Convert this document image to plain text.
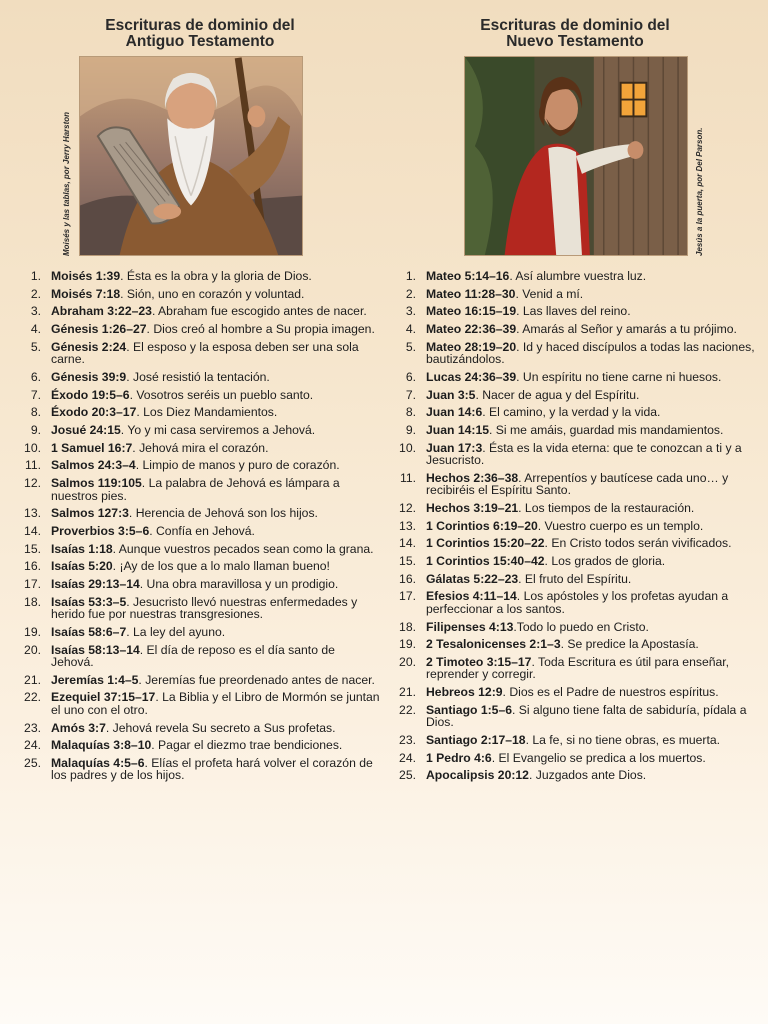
Escrituras de dominio del
Antiguo Testamento
Moisés y las tablas, por Jerry Harston
1. Moisés 1:39. Ésta es la obra y la gloria de Dios.
2. Moisés 7:18. Sión, uno en corazón y voluntad.
3. Abraham 3:22–23. Abraham fue escogido antes de nacer.
4. Génesis 1:26–27. Dios creó al hombre a Su propia imagen.
5. Génesis 2:24. El esposo y la esposa deben ser una sola carne.
6. Génesis 39:9. José resistió la tentación.
7. Éxodo 19:5–6. Vosotros seréis un pueblo santo.
8. Éxodo 20:3–17. Los Diez Mandamientos.
9. Josué 24:15. Yo y mi casa serviremos a Jehová.
10. 1 Samuel 16:7. Jehová mira el corazón.
11. Salmos 24:3–4. Limpio de manos y puro de corazón.
12. Salmos 119:105. La palabra de Jehová es lámpara a nuestros pies.
13. Salmos 127:3. Herencia de Jehová son los hijos.
14. Proverbios 3:5–6. Confía en Jehová.
15. Isaías 1:18. Aunque vuestros pecados sean como la grana.
16. Isaías 5:20. ¡Ay de los que a lo malo llaman bueno!
17. Isaías 29:13–14. Una obra maravillosa y un prodigio.
18. Isaías 53:3–5. Jesucristo llevó nuestras enfermedades y herido fue por nuestras transgresiones.
19. Isaías 58:6–7. La ley del ayuno.
20. Isaías 58:13–14. El día de reposo es el día santo de Jehová.
21. Jeremías 1:4–5. Jeremías fue preordenado antes de nacer.
22. Ezequiel 37:15–17. La Biblia y el Libro de Mormón se juntan el uno con el otro.
23. Amós 3:7. Jehová revela Su secreto a Sus profetas.
24. Malaquías 3:8–10. Pagar el diezmo trae bendiciones.
25. Malaquías 4:5–6. Elías el profeta hará volver el corazón de los padres y de los hijos.
Escrituras de dominio del
Nuevo Testamento
Jesús a la puerta, por Del Parson.
1. Mateo 5:14–16. Así alumbre vuestra luz.
2. Mateo 11:28–30. Venid a mí.
3. Mateo 16:15–19. Las llaves del reino.
4. Mateo 22:36–39. Amarás al Señor y amarás a tu prójimo.
5. Mateo 28:19–20. Id y haced discípulos a todas las naciones, bautizándolos.
6. Lucas 24:36–39. Un espíritu no tiene carne ni huesos.
7. Juan 3:5. Nacer de agua y del Espíritu.
8. Juan 14:6. El camino, y la verdad y la vida.
9. Juan 14:15. Si me amáis, guardad mis mandamientos.
10. Juan 17:3. Ésta es la vida eterna: que te conozcan a ti y a Jesucristo.
11. Hechos 2:36–38. Arrepentíos y bautícese cada uno… y recibiréis el Espíritu Santo.
12. Hechos 3:19–21. Los tiempos de la restauración.
13. 1 Corintios 6:19–20. Vuestro cuerpo es un templo.
14. 1 Corintios 15:20–22. En Cristo todos serán vivificados.
15. 1 Corintios 15:40–42. Los grados de gloria.
16. Gálatas 5:22–23. El fruto del Espíritu.
17. Efesios 4:11–14. Los apóstoles y los profetas ayudan a perfeccionar a los santos.
18. Filipenses 4:13.Todo lo puedo en Cristo.
19. 2 Tesalonicenses 2:1–3. Se predice la Apostasía.
20. 2 Timoteo 3:15–17. Toda Escritura es útil para enseñar, reprender y corregir.
21. Hebreos 12:9. Dios es el Padre de nuestros espíritus.
22. Santiago 1:5–6. Si alguno tiene falta de sabiduría, pídala a Dios.
23. Santiago 2:17–18. La fe, si no tiene obras, es muerta.
24. 1 Pedro 4:6. El Evangelio se predica a los muertos.
25. Apocalipsis 20:12. Juzgados ante Dios.
